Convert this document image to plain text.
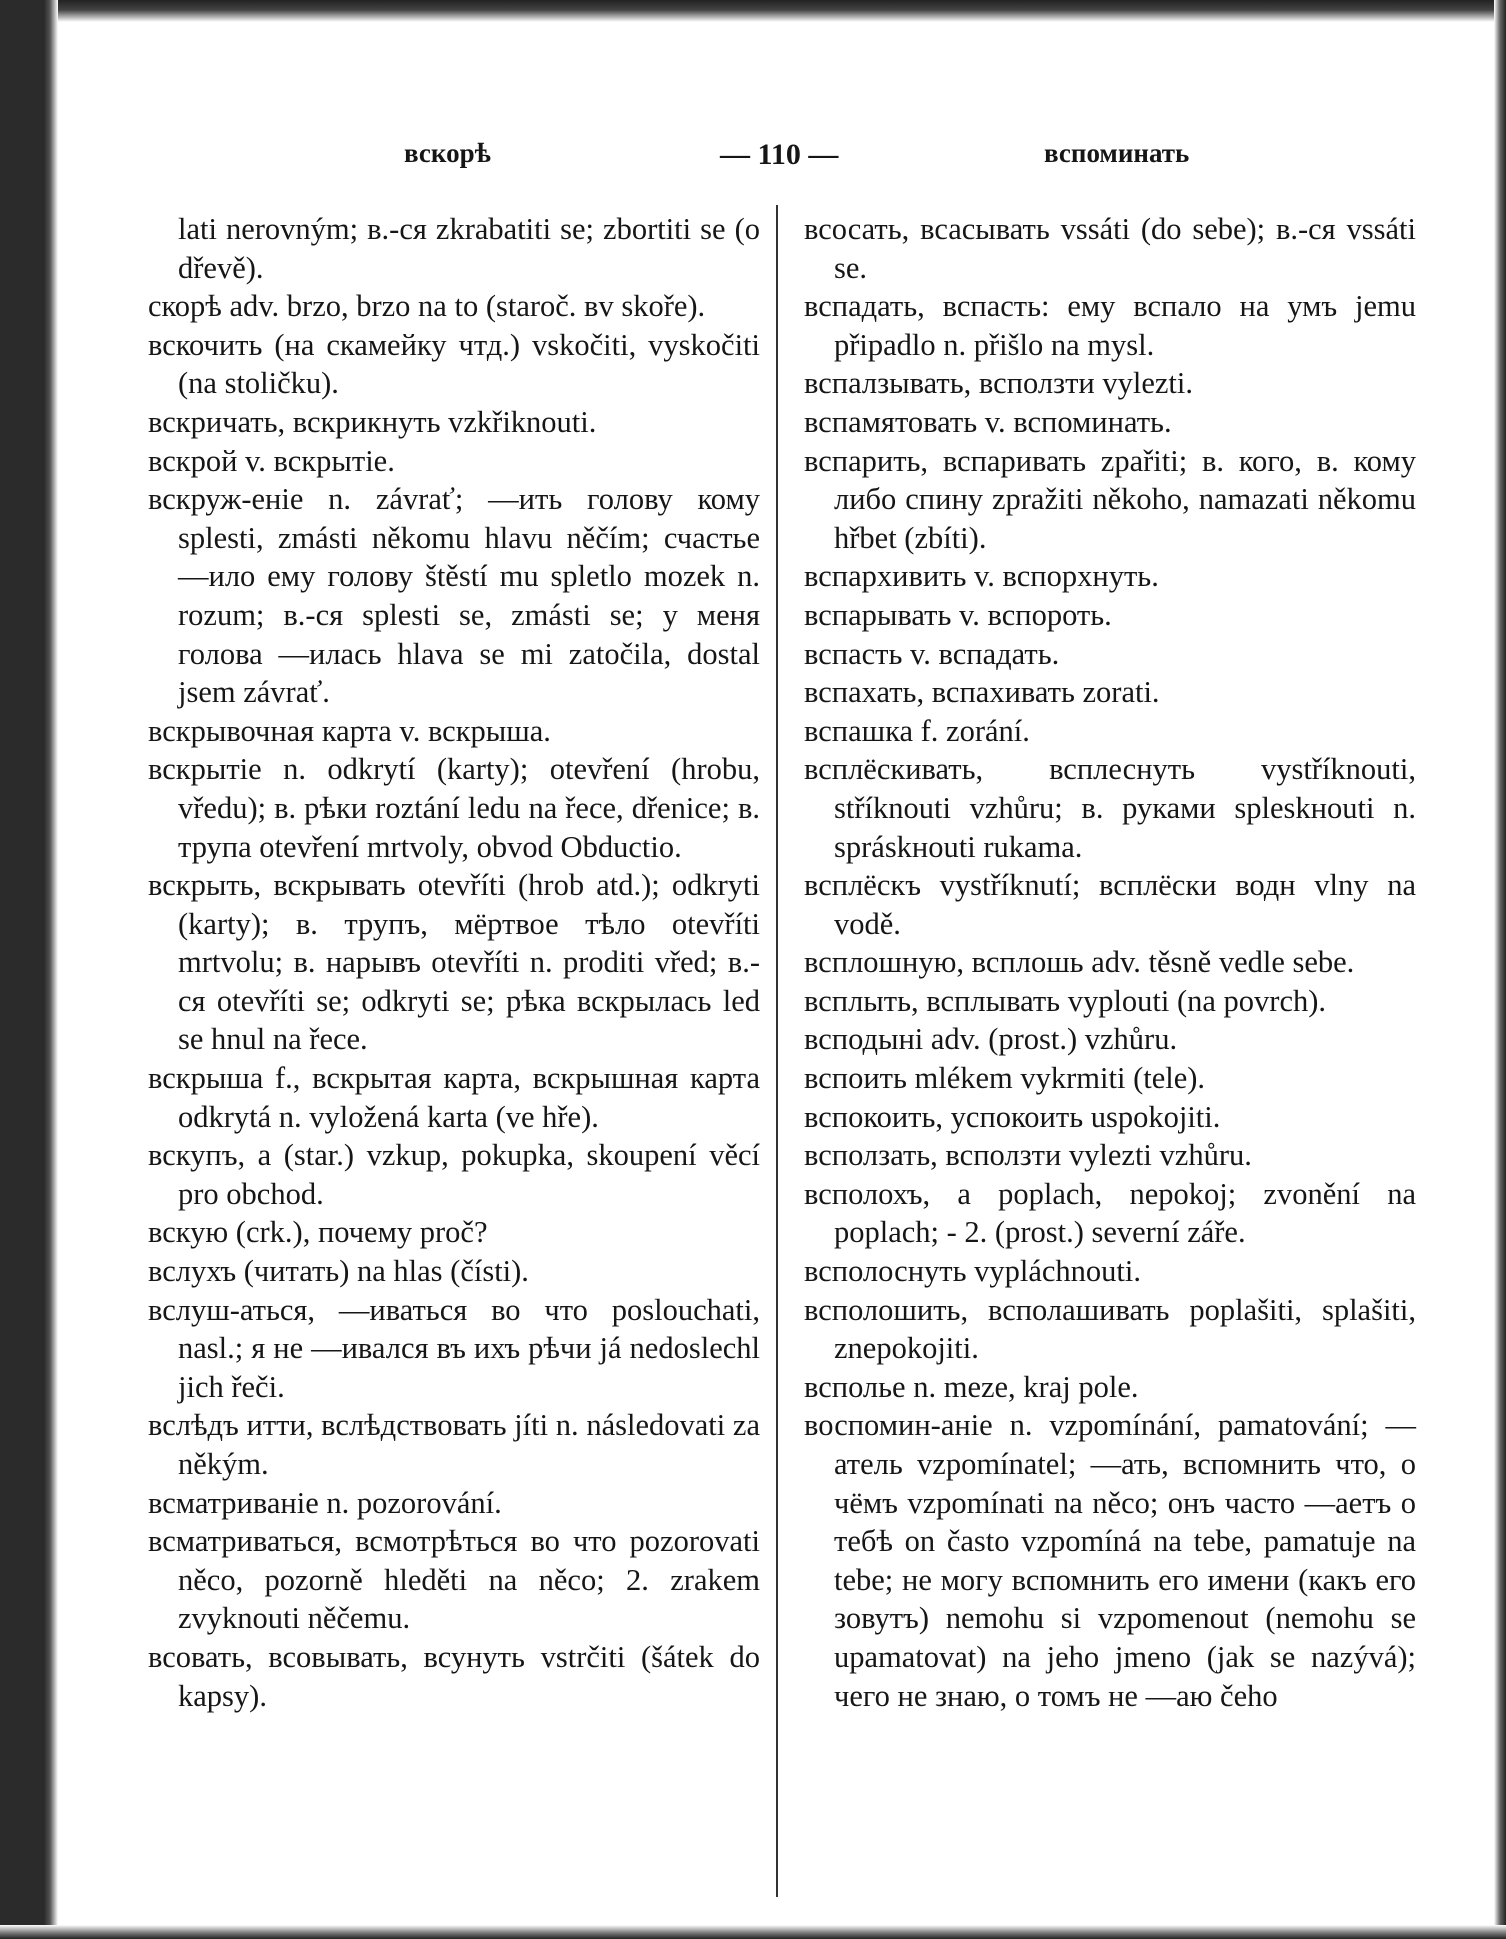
вскорѣ	— 110 —	вспоминать

lati nerovným; в.-ся zkrabatiti se; zbortiti se (o dřevě).

скорѣ adv. brzo, brzo na to (staroč. вv skoře).

вскочить (на скамейку чтд.) vskočiti, vyskočiti (na stoličku).

вскричать, вскрикнуть vzkřiknouti.

вскрой v. вскрытіе.

вскруж-еніе n. závrať; —ить голову кому splesti, zmásti někomu hlavu něčím; счастье —ило ему голову štěstí mu spletlo mozek n. rozum; в.-ся splesti se, zmásti se; у меня голова —илась hlava se mi zatočila, dostal jsem závrať.

вскрывочная карта v. вскрыша.

вскрытіе n. odkrytí (karty); otevření (hrobu, vředu); в. рѣки roztání ledu na řece, dřenice; в. трупа otevření mrtvoly, obvod Obductio.

вскрыть, вскрывать otevříti (hrob atd.); odkryti (karty); в. трупъ, мёртвое тѣло otevříti mrtvolu; в. нарывъ otevříti n. proditi vřed; в.-ся otevříti se; odkryti se; рѣка вскрылась led se hnul na řece.

вскрыша f., вскрытая карта, вскрышная карта odkrytá n. vyložená karta (ve hře).

вскупъ, а (star.) vzkup, pokupka, skoupení věcí pro obchod.

вскую (crk.), почему proč?

вслухъ (читать) na hlas (čísti).

вслуш-аться, —иваться во что poslouchati, nasl.; я не —ивался въ ихъ рѣчи já nedoslechl jich řeči.

вслѣдъ итти, вслѣдствовать jíti n. následovati za někým.

всматриваніе n. pozorování.

всматриваться, всмотрѣться во что pozorovati něco, pozorně hleděti na něco; 2. zrakem zvyknouti něčemu.

всовать, всовывать, всунуть vstrčiti (šátek do kapsy).

всосать, всасывать vssáti (do sebe); в.-ся vssáti se.

вспадать, вспасть: ему вспало на умъ jemu připadlo n. přišlo na mysl.

вспалзывать, всползти vylezti.

вспамятовать v. вспоминать.

вспарить, вспаривать zpařiti; в. кого, в. кому либо спину zpražiti někoho, namazati někomu hřbet (zbíti).

вспархивить v. вспорхнуть.

вспарывать v. вспороть.

вспасть v. вспадать.

вспахать, вспахивать zorati.

вспашка f. zorání.

всплёскивать, всплеснуть vystříknouti, stříknouti vzhůru; в. руками spleskнouti n. spráskнouti rukama.

всплёскъ vystříknutí; всплёски водн vlny na vodě.

всплошную, всплошь adv. těsně vedle sebe.

всплыть, всплывать vyplouti (na povrch).

всподыні adv. (prost.) vzhůru.

вспоить mlékem vykrmiti (tele).

вспокоить, успокоить uspokojiti.

всползать, всползти vylezti vzhůru.

всполохъ, а poplach, nepokoj; zvonění na poplach; - 2. (prost.) severní záře.

всполоснуть vypláchnouti.

всполошить, всполашивать poplašiti, splašiti, znepokojiti.

вспольe n. meze, kraj pole.

воспомин-аніе n. vzpomínání, pamatování; —атель vzpomínatel; —ать, вспомнить что, о чёмъ vzpomínati na něco; онъ часто —аетъ о тебѣ on často vzpomíná na tebe, pamatuje na tebe; не могу вспомнить его имени (какъ его зовутъ) nemohu si vzpomenout (nemohu se upamatovat) na jeho jmeno (jak se nazývá); чего не знаю, о томъ не —аю čeho
